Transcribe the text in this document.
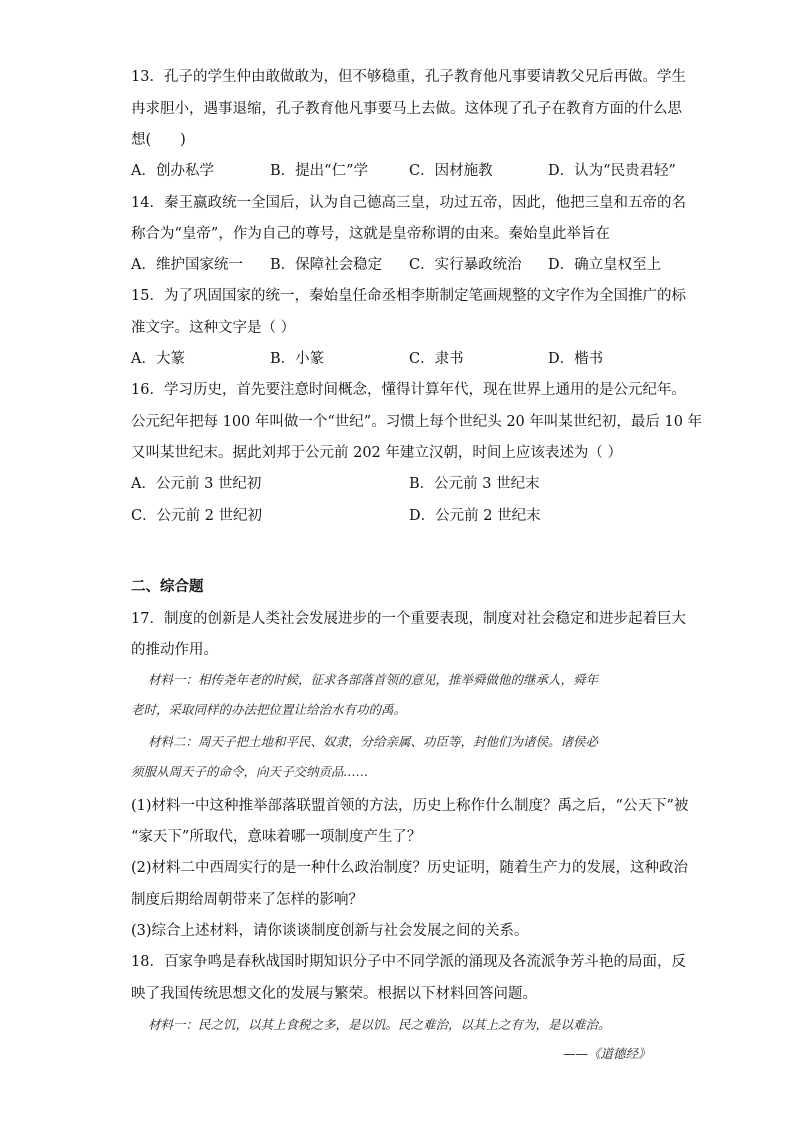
13．孔子的学生仲由敢做敢为，但不够稳重，孔子教育他凡事要请教父兄后再做。学生
冉求胆小，遇事退缩，孔子教育他凡事要马上去做。这体现了孔子在教育方面的什么思
想(　　)
A．创办私学	B．提出“仁”学	C．因材施教	D．认为“民贵君轻”
14．秦王嬴政统一全国后，认为自己德高三皇，功过五帝，因此，他把三皇和五帝的名
称合为“皇帝”，作为自己的尊号，这就是皇帝称谓的由来。秦始皇此举旨在
A．维护国家统一 B．保障社会稳定 C．实行暴政统治 D．确立皇权至上
15．为了巩固国家的统一，秦始皇任命丞相李斯制定笔画规整的文字作为全国推广的标
准文字。这种文字是（ ）
A．大篆	B．小篆	C．隶书	D．楷书
16．学习历史，首先要注意时间概念，懂得计算年代，现在世界上通用的是公元纪年。
公元纪年把每 100 年叫做一个“世纪”。习惯上每个世纪头 20 年叫某世纪初，最后 10 年
又叫某世纪末。据此刘邦于公元前 202 年建立汉朝，时间上应该表述为（ ）
A．公元前 3 世纪初	B．公元前 3 世纪末
C．公元前 2 世纪初	D．公元前 2 世纪末
二、综合题
17．制度的创新是人类社会发展进步的一个重要表现，制度对社会稳定和进步起着巨大
的推动作用。
材料一：相传尧年老的时候，征求各部落首领的意见，推举舜做他的继承人，舜年
老时，采取同样的办法把位置让给治水有功的禹。
材料二：周天子把土地和平民、奴隶，分给亲属、功臣等，封他们为诸侯。诸侯必
须服从周天子的命令，向天子交纳贡品……
(1)材料一中这种推举部落联盟首领的方法，历史上称作什么制度？禹之后，“公天下”被
“家天下”所取代，意味着哪一项制度产生了？
(2)材料二中西周实行的是一种什么政治制度？历史证明，随着生产力的发展，这种政治
制度后期给周朝带来了怎样的影响？
(3)综合上述材料，请你谈谈制度创新与社会发展之间的关系。
18．百家争鸣是春秋战国时期知识分子中不同学派的涌现及各流派争芳斗艳的局面，反
映了我国传统思想文化的发展与繁荣。根据以下材料回答问题。
材料一：民之饥，以其上食税之多，是以饥。民之难治，以其上之有为，是以难治。
——《道德经》
